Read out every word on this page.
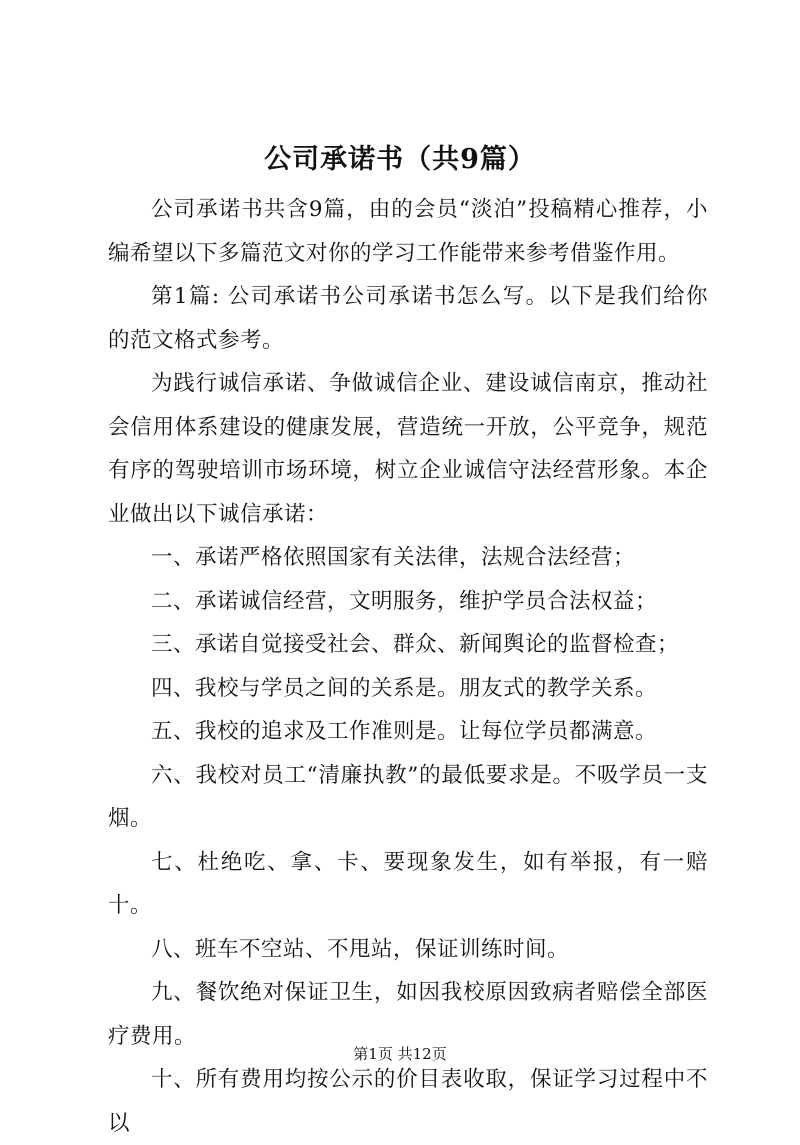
公司承诺书（共9篇）

公司承诺书共含9篇，由的会员“淡泊”投稿精心推荐，小编希望以下多篇范文对你的学习工作能带来参考借鉴作用。

第1篇: 公司承诺书公司承诺书怎么写。以下是我们给你的范文格式参考。

为践行诚信承诺、争做诚信企业、建设诚信南京，推动社会信用体系建设的健康发展，营造统一开放，公平竞争，规范有序的驾驶培训市场环境，树立企业诚信守法经营形象。本企业做出以下诚信承诺：

一、承诺严格依照国家有关法律，法规合法经营；

二、承诺诚信经营，文明服务，维护学员合法权益；

三、承诺自觉接受社会、群众、新闻舆论的监督检查；

四、我校与学员之间的关系是。朋友式的教学关系。

五、我校的追求及工作准则是。让每位学员都满意。

六、我校对员工“清廉执教”的最低要求是。不吸学员一支烟。

七、杜绝吃、拿、卡、要现象发生，如有举报，有一赔十。

八、班车不空站、不甩站，保证训练时间。

九、餐饮绝对保证卫生，如因我校原因致病者赔偿全部医疗费用。

十、所有费用均按公示的价目表收取，保证学习过程中不以

第1页 共12页
